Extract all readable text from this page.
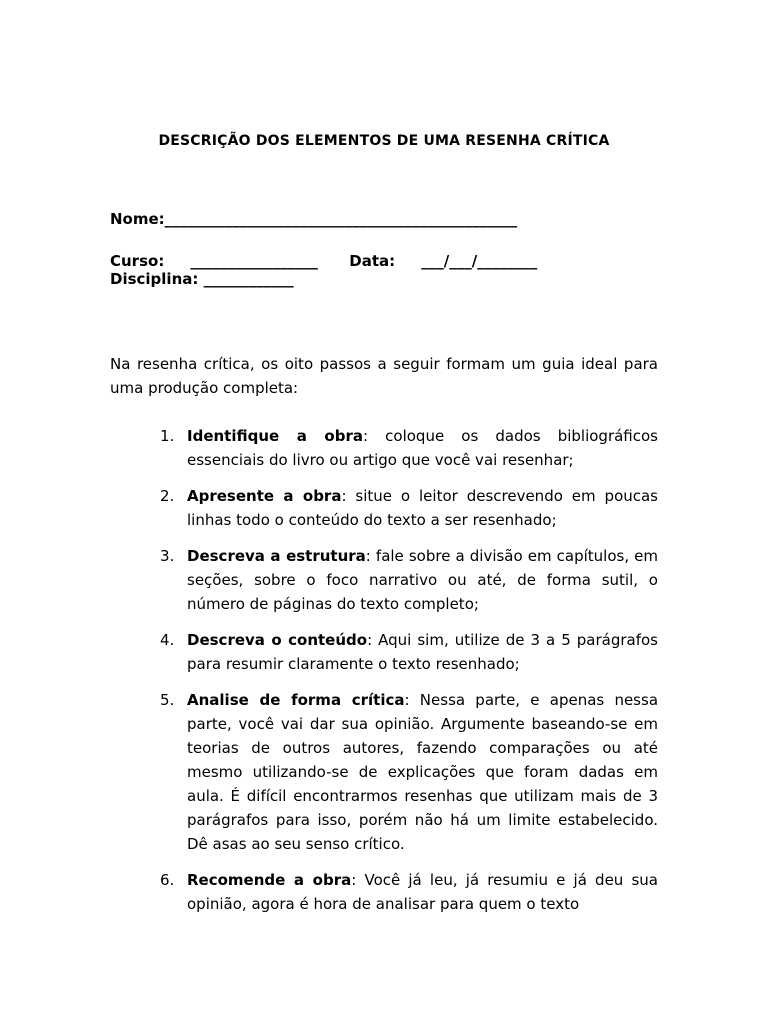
DESCRIÇÃO DOS ELEMENTOS DE UMA RESENHA CRÍTICA
Nome:_______________________________________________
Curso:     _________________      Data:     ___/___/________
Disciplina: ____________
Na resenha crítica, os oito passos a seguir formam um guia ideal para uma produção completa:
1. Identifique a obra: coloque os dados bibliográficos essenciais do livro ou artigo que você vai resenhar;
2. Apresente a obra: situe o leitor descrevendo em poucas linhas todo o conteúdo do texto a ser resenhado;
3. Descreva a estrutura: fale sobre a divisão em capítulos, em seções, sobre o foco narrativo ou até, de forma sutil, o número de páginas do texto completo;
4. Descreva o conteúdo: Aqui sim, utilize de 3 a 5 parágrafos para resumir claramente o texto resenhado;
5. Analise de forma crítica: Nessa parte, e apenas nessa parte, você vai dar sua opinião. Argumente baseando-se em teorias de outros autores, fazendo comparações ou até mesmo utilizando-se de explicações que foram dadas em aula. É difícil encontrarmos resenhas que utilizam mais de 3 parágrafos para isso, porém não há um limite estabelecido. Dê asas ao seu senso crítico.
6. Recomende a obra: Você já leu, já resumiu e já deu sua opinião, agora é hora de analisar para quem o texto
